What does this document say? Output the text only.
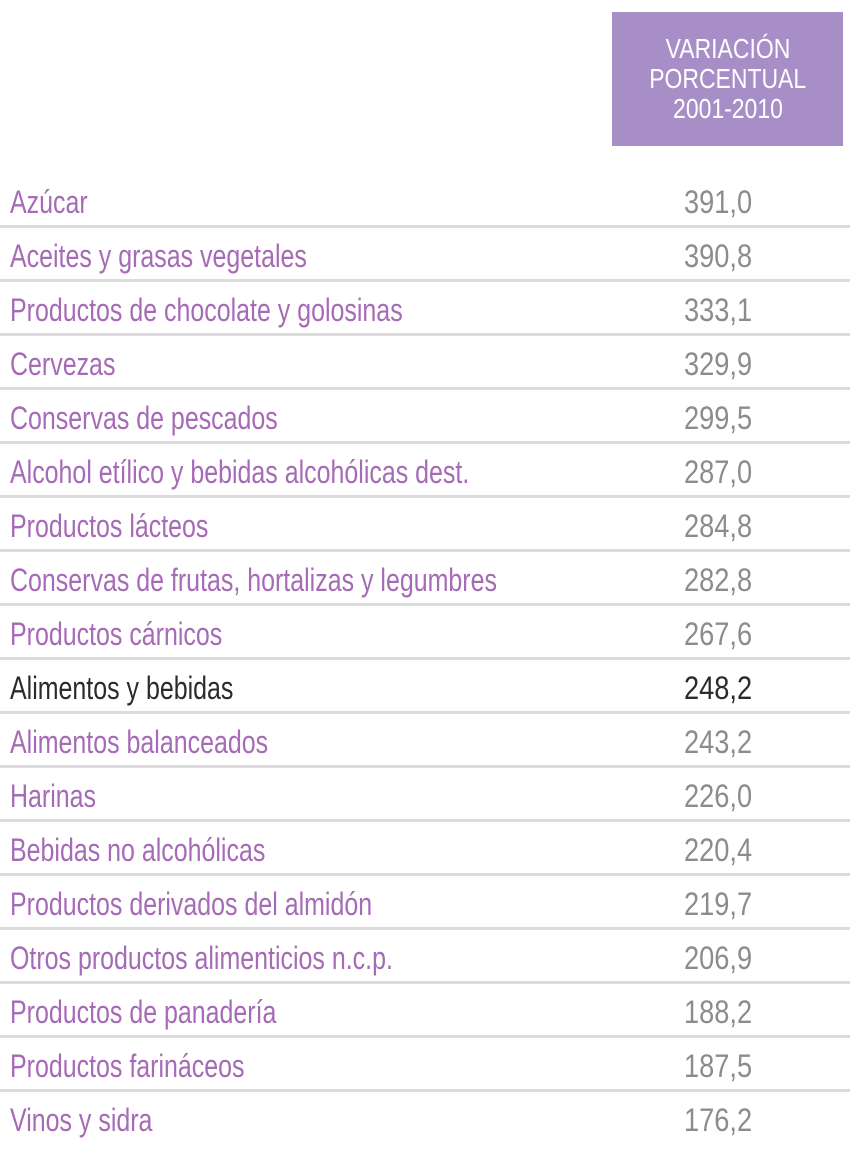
VARIACIÓN
PORCENTUAL
2001-2010
Azúcar	391,0
Aceites y grasas vegetales	390,8
Productos de chocolate y golosinas	333,1
Cervezas	329,9
Conservas de pescados	299,5
Alcohol etílico y bebidas alcohólicas dest.	287,0
Productos lácteos	284,8
Conservas de frutas, hortalizas y legumbres	282,8
Productos cárnicos	267,6
Alimentos y bebidas	248,2
Alimentos balanceados	243,2
Harinas	226,0
Bebidas no alcohólicas	220,4
Productos derivados del almidón	219,7
Otros productos alimenticios n.c.p.	206,9
Productos de panadería	188,2
Productos farináceos	187,5
Vinos y sidra	176,2
